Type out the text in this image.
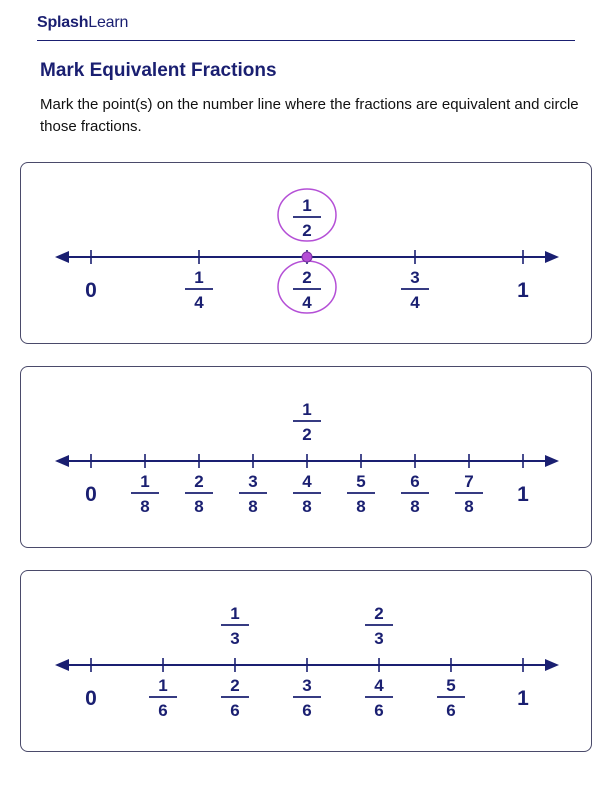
SplashLearn
Mark Equivalent Fractions
Mark the point(s) on the number line where the fractions are equivalent and circle those fractions.
0	1
1
4
2
4
3
4
1
2
0	1
1
8
2
8
3
8
4
8
5
8
6
8
7
8
1
2
0	1
1
6
2
6
3
6
4
6
5
6
1
3
2
3
